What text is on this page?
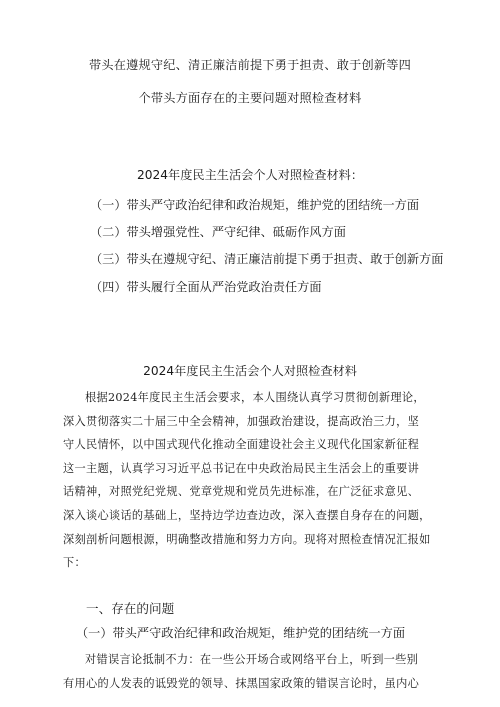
带头在遵规守纪、清正廉洁前提下勇于担责、敢于创新等四
个带头方面存在的主要问题对照检查材料
2024年度民主生活会个人对照检查材料：
（一）带头严守政治纪律和政治规矩，维护党的团结统一方面
（二）带头增强党性、严守纪律、砥砺作风方面
（三）带头在遵规守纪、清正廉洁前提下勇于担责、敢于创新方面
（四）带头履行全面从严治党政治责任方面
2024年度民主生活会个人对照检查材料
根据2024年度民主生活会要求，本人围绕认真学习贯彻创新理论，
深入贯彻落实二十届三中全会精神，加强政治建设，提高政治三力，坚
守人民情怀，以中国式现代化推动全面建设社会主义现代化国家新征程
这一主题，认真学习习近平总书记在中央政治局民主生活会上的重要讲
话精神，对照党纪党规、党章党规和党员先进标准，在广泛征求意见、
深入谈心谈话的基础上，坚持边学边查边改，深入查摆自身存在的问题，
深刻剖析问题根源，明确整改措施和努力方向。现将对照检查情况汇报如
下：
一、存在的问题
（一）带头严守政治纪律和政治规矩，维护党的团结统一方面
对错误言论抵制不力：在一些公开场合或网络平台上，听到一些别
有用心的人发表的诋毁党的领导、抹黑国家政策的错误言论时，虽内心
